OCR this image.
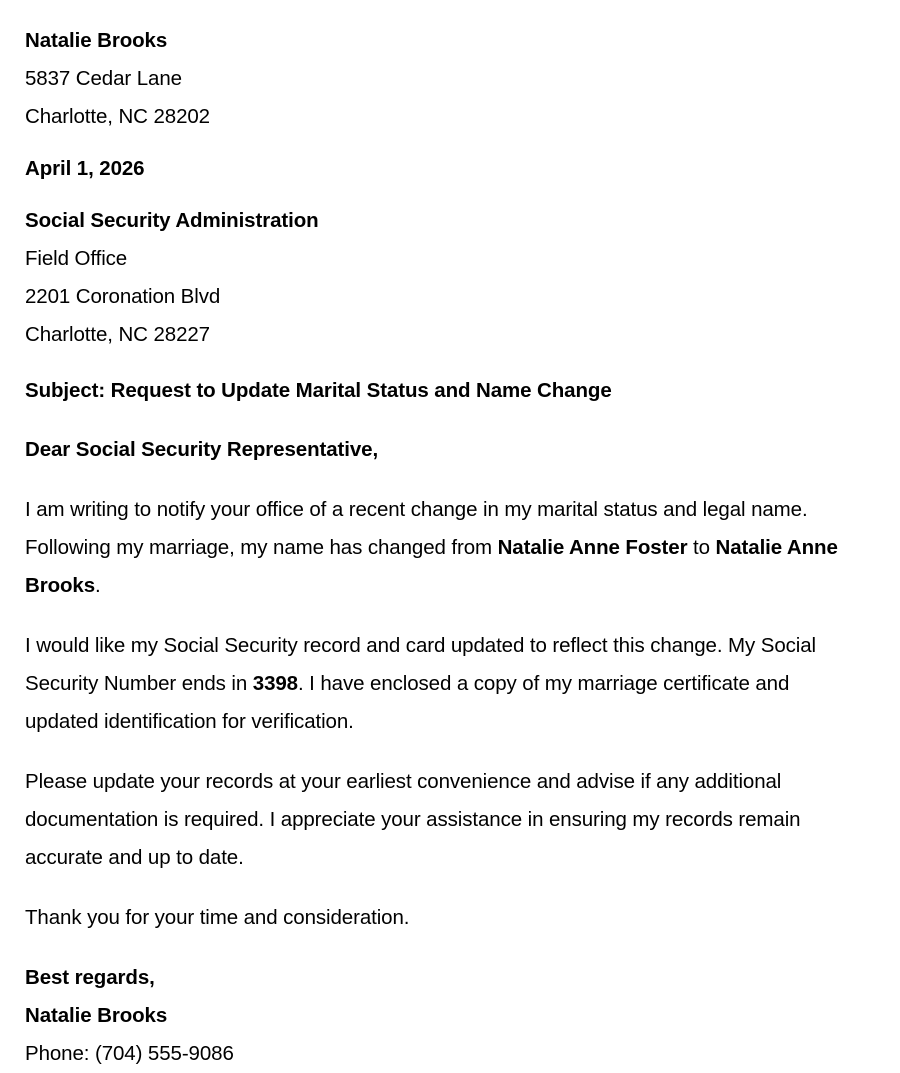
Natalie Brooks
5837 Cedar Lane
Charlotte, NC 28202
April 1, 2026
Social Security Administration
Field Office
2201 Coronation Blvd
Charlotte, NC 28227
Subject: Request to Update Marital Status and Name Change
Dear Social Security Representative,

I am writing to notify your office of a recent change in my marital status and legal name. Following my marriage, my name has changed from Natalie Anne Foster to Natalie Anne Brooks.

I would like my Social Security record and card updated to reflect this change. My Social Security Number ends in 3398. I have enclosed a copy of my marriage certificate and updated identification for verification.

Please update your records at your earliest convenience and advise if any additional documentation is required. I appreciate your assistance in ensuring my records remain accurate and up to date.

Thank you for your time and consideration.

Best regards,
Natalie Brooks
Phone: (704) 555-9086
